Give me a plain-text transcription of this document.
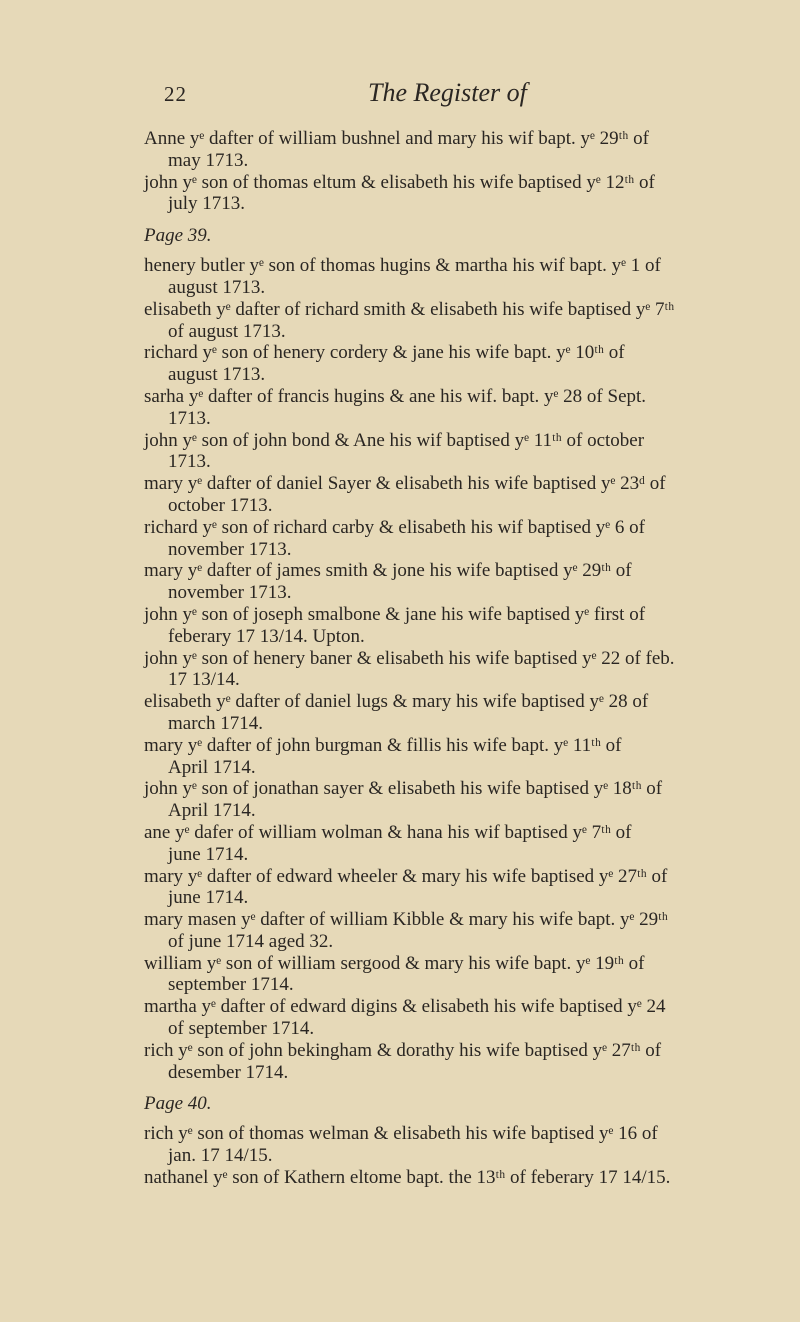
22	The Register of

Anne yᵉ dafter of william bushnel and mary his wif bapt. yᵉ 29ᵗʰ of
may 1713.

john yᵉ son of thomas eltum & elisabeth his wife baptised yᵉ 12ᵗʰ of
july 1713.

Page 39.

henery butler yᵉ son of thomas hugins & martha his wif bapt. yᵉ 1 of
august 1713.

elisabeth yᵉ dafter of richard smith & elisabeth his wife baptised yᵉ 7ᵗʰ
of august 1713.

richard yᵉ son of henery cordery & jane his wife bapt. yᵉ 10ᵗʰ of
august 1713.

sarha yᵉ dafter of francis hugins & ane his wif. bapt. yᵉ 28 of Sept.
1713.

john yᵉ son of john bond & Ane his wif baptised yᵉ 11ᵗʰ of october
1713.

mary yᵉ dafter of daniel Sayer & elisabeth his wife baptised yᵉ 23ᵈ of
october 1713.

richard yᵉ son of richard carby & elisabeth his wif baptised yᵉ 6 of
november 1713.

mary yᵉ dafter of james smith & jone his wife baptised yᵉ 29ᵗʰ of
november 1713.

john yᵉ son of joseph smalbone & jane his wife baptised yᵉ first of
feberary 17 13/14. Upton.

john yᵉ son of henery baner & elisabeth his wife baptised yᵉ 22 of feb.
17 13/14.

elisabeth yᵉ dafter of daniel lugs & mary his wife baptised yᵉ 28 of
march 1714.

mary yᵉ dafter of john burgman & fillis his wife bapt. yᵉ 11ᵗʰ of
April 1714.

john yᵉ son of jonathan sayer & elisabeth his wife baptised yᵉ 18ᵗʰ of
April 1714.

ane yᵉ dafer of william wolman & hana his wif baptised yᵉ 7ᵗʰ of
june 1714.

mary yᵉ dafter of edward wheeler & mary his wife baptised yᵉ 27ᵗʰ of
june 1714.

mary masen yᵉ dafter of william Kibble & mary his wife bapt. yᵉ 29ᵗʰ
of june 1714 aged 32.

william yᵉ son of william sergood & mary his wife bapt. yᵉ 19ᵗʰ of
september 1714.

martha yᵉ dafter of edward digins & elisabeth his wife baptised yᵉ 24
of september 1714.

rich yᵉ son of john bekingham & dorathy his wife baptised yᵉ 27ᵗʰ of
desember 1714.

Page 40.

rich yᵉ son of thomas welman & elisabeth his wife baptised yᵉ 16 of
jan. 17 14/15.

nathanel yᵉ son of Kathern eltome bapt. the 13ᵗʰ of feberary 17 14/15.
